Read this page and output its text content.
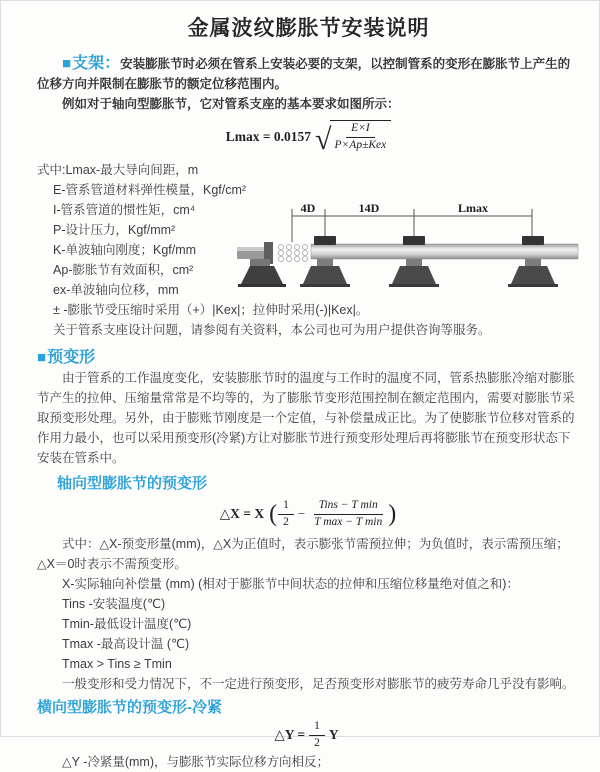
金属波纹膨胀节安装说明

■支架：安装膨胀节时必须在管系上安装必要的支架，以控制管系的变形在膨胀节上产生的位移方向并限制在膨胀节的额定位移范围内。

例如对于轴向型膨胀节，它对管系支座的基本要求如图所示：

Lmax = 0.0157 √
$\frac{E\times I}{\text{P×Ap±Kex}}$
式中:Lmax-最大导向间距，m
E-管系管道材料弹性模量，Kgf/cm²
I-管系管道的惯性矩，cm⁴
P-设计压力，Kgf/mm²
K-单波轴向刚度；Kgf/mm
Ap-膨胀节有效面积，cm²
ex-单波轴向位移，mm
± -膨胀节受压缩时采用（+）|Kex|；拉伸时采用(-)|Kex|。
关于管系支座设计问题，请参阅有关资料，本公司也可为用户提供咨询等服务。
4D	14D	Lmax

■预变形

由于管系的工作温度变化，安装膨胀节时的温度与工作时的温度不同，管系热膨胀冷缩对膨胀节产生的拉伸、压缩量常常是不均等的，为了膨胀节变形范围控制在额定范围内，需要对膨胀节采取预变形处理。另外，由于膨账节刚度是一个定值，与补偿量成正比。为了使膨胀节位移对管系的作用力最小，也可以采用预变形(冷紧)方让对膨胀节进行预变形处理后再将膨胀节在预变形状态下安装在管系中。

轴向型膨胀节的预变形
△X = X ( $\frac{1}{2} - \frac{\text{Tins − T min}}{\text{T max − T min}}$ )

式中：△X-预变形量(mm)，△X为正值时，表示膨张节需预拉伸；为负值时，表示需预压缩；△X＝0时表示不需预变形。

X-实际轴向补偿量 (mm) (相对于膨胀节中间状态的拉伸和压缩位移量绝对值之和)：
Tins -安装温度(℃)
Tmin-最低设计温度(℃)
Tmax -最高设计温 (℃)
Tmax > Tins ≥ Tmin
一般变形和受力情况下，不一定进行预变形，足否预变形对膨胀节的疲劳寿命几乎没有影响。
横向型膨胀节的预变形-冷紧
△Y = $\frac{1}{2}$ Y
△Y -冷紧量(mm)，与膨胀节实际位移方向相反；
